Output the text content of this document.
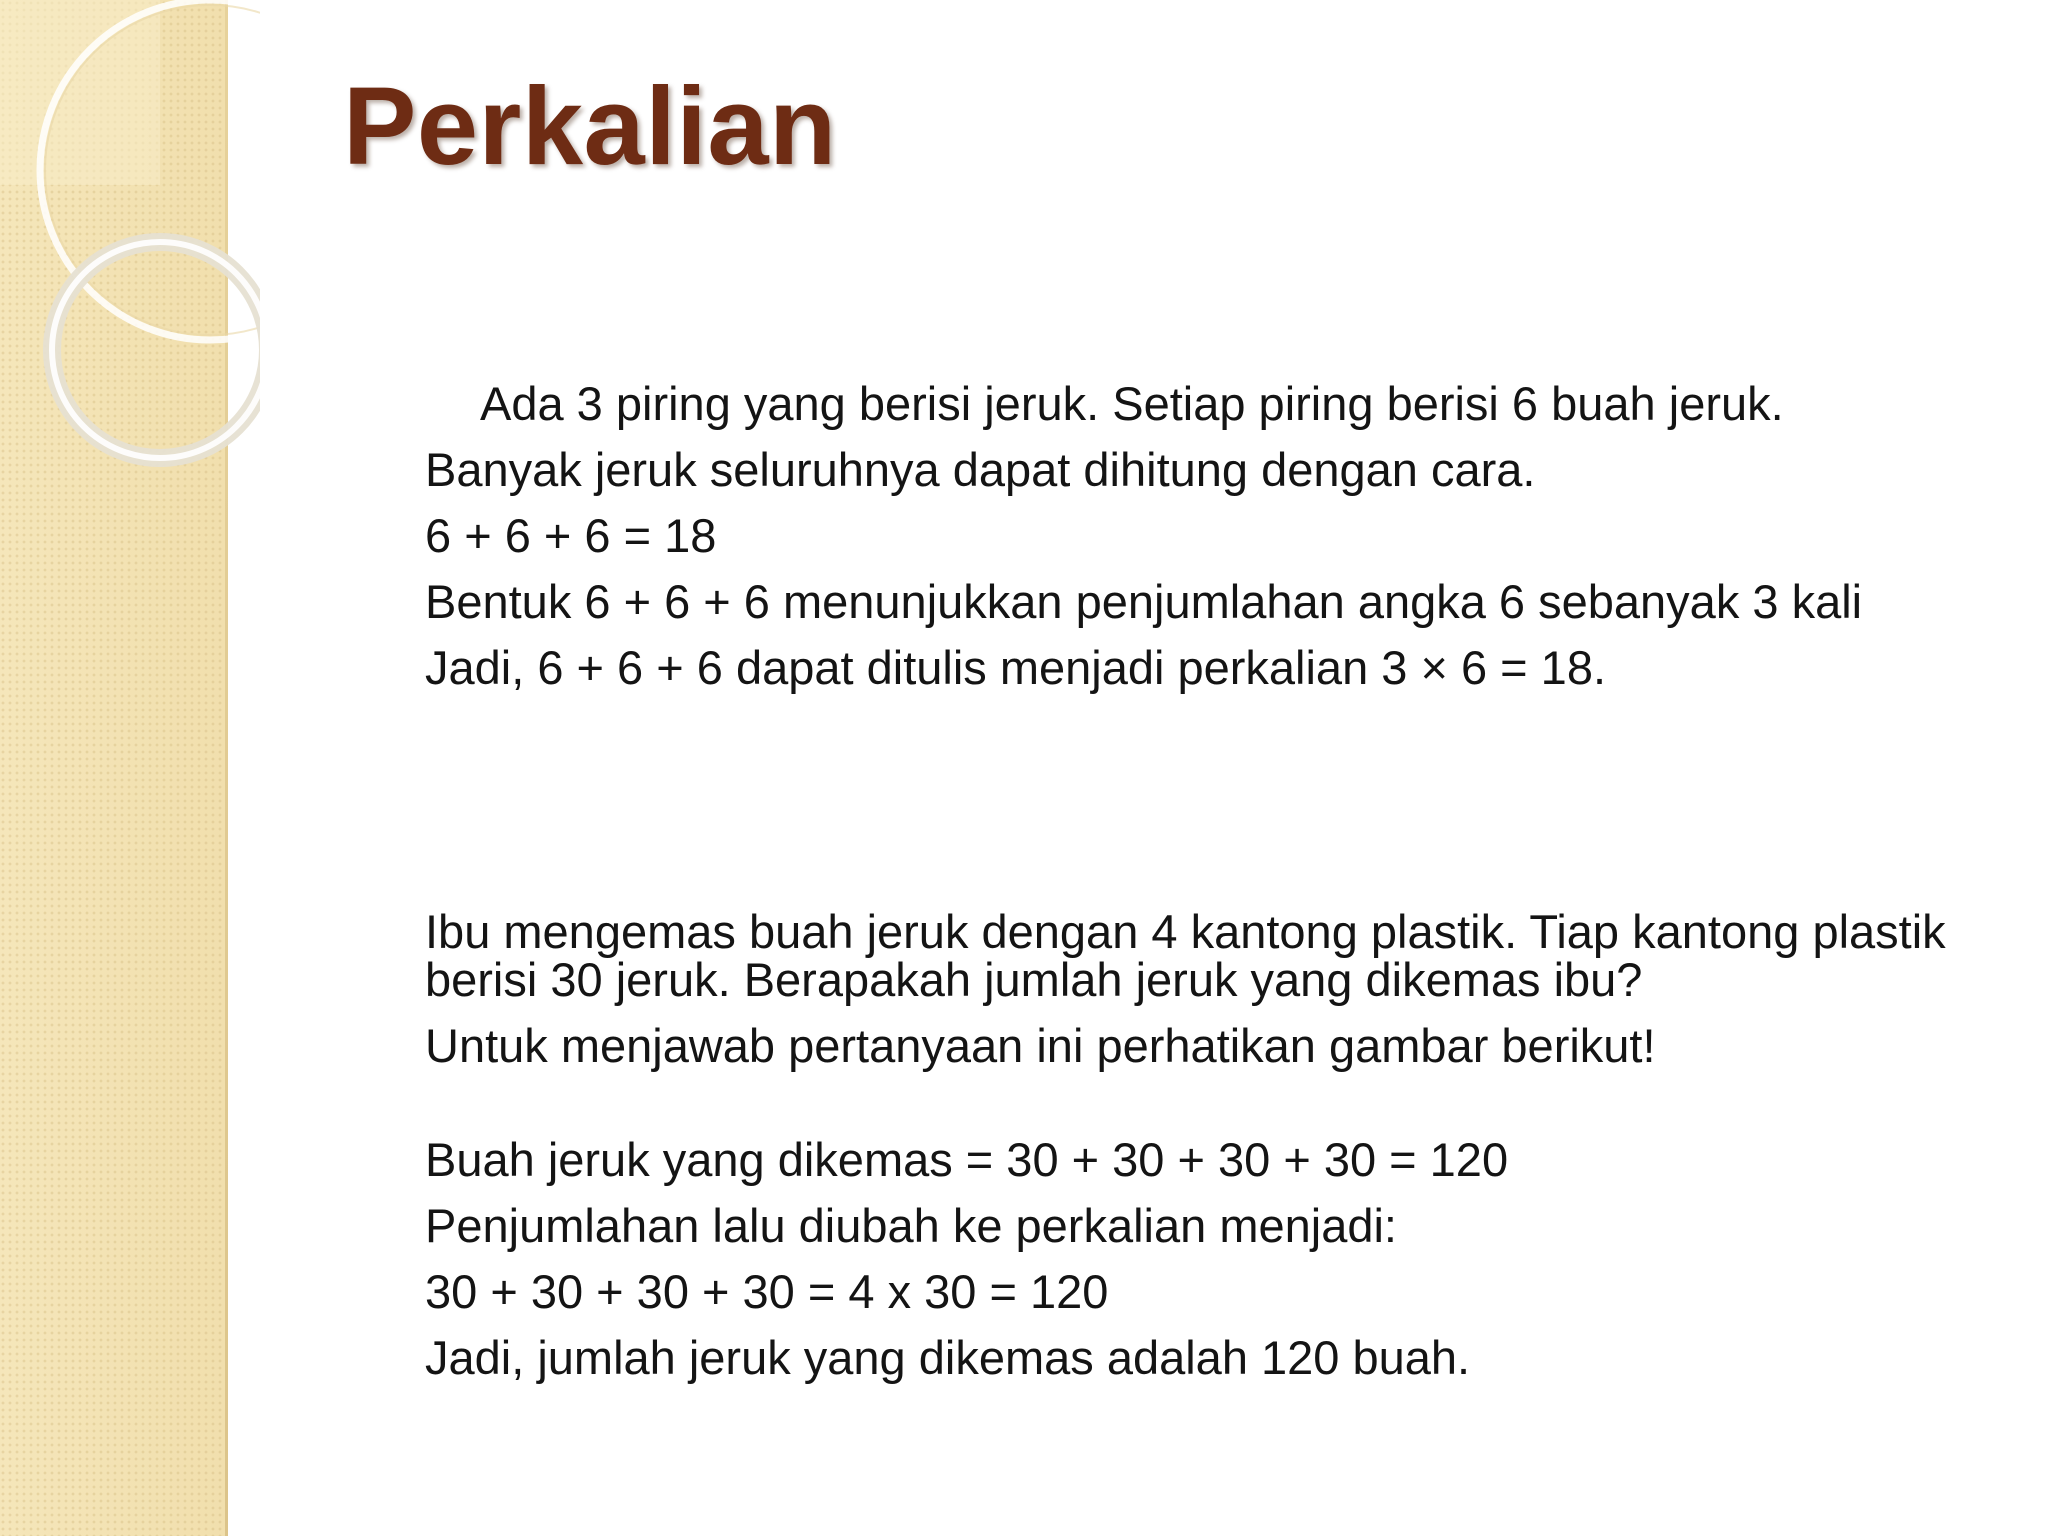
Perkalian

Ada 3 piring yang berisi jeruk. Setiap piring berisi 6 buah jeruk.

Banyak jeruk seluruhnya dapat dihitung dengan cara.

6 + 6 + 6 = 18

Bentuk 6 + 6 + 6 menunjukkan penjumlahan angka 6 sebanyak 3 kali

Jadi, 6 + 6 + 6 dapat ditulis menjadi perkalian 3 × 6 = 18.

Ibu mengemas buah jeruk dengan 4 kantong plastik. Tiap kantong plastik berisi 30 jeruk. Berapakah jumlah jeruk yang dikemas ibu?

Untuk menjawab pertanyaan ini perhatikan gambar berikut!

Buah jeruk yang dikemas = 30 + 30 + 30 + 30 = 120

Penjumlahan lalu diubah ke perkalian menjadi:

30 + 30 + 30 + 30 = 4 x 30 = 120

Jadi, jumlah jeruk yang dikemas adalah 120 buah.
